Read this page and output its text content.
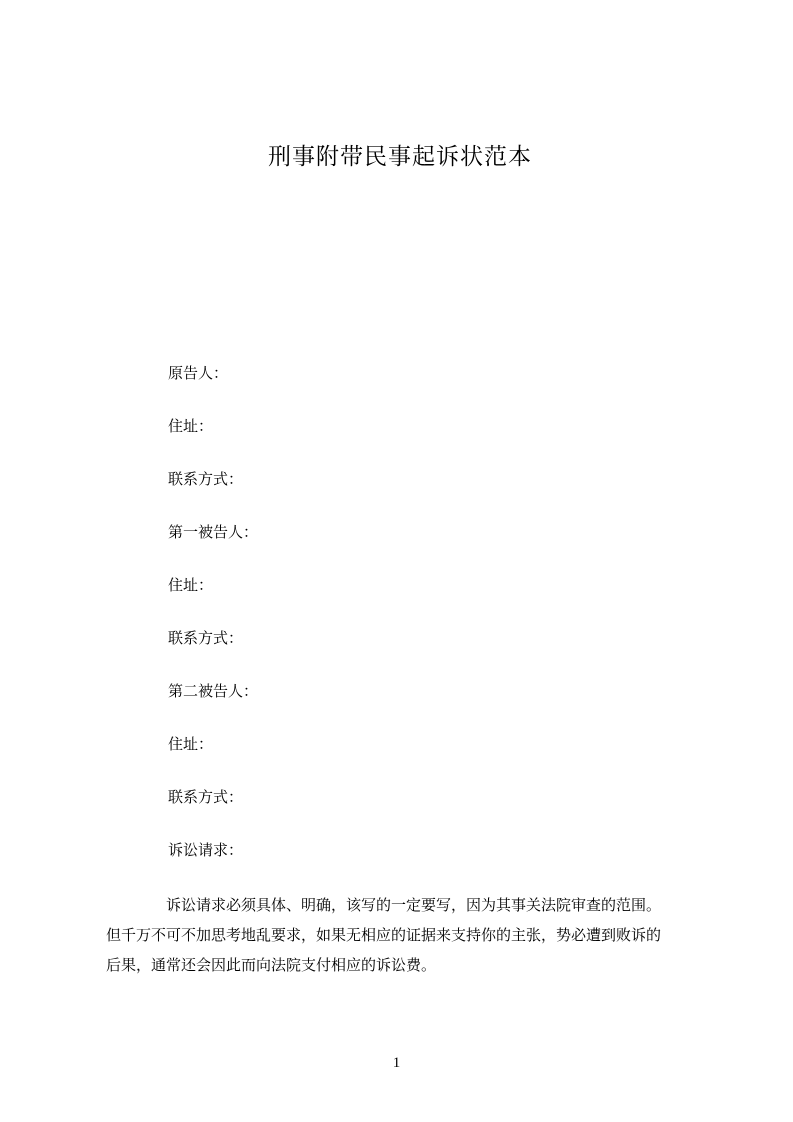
刑事附带民事起诉状范本
原告人：
住址：
联系方式：
第一被告人：
住址：
联系方式：
第二被告人：
住址：
联系方式：
诉讼请求：
　　　　诉讼请求必须具体、明确，该写的一定要写，因为其事关法院审查的范围。
但千万不可不加思考地乱要求，如果无相应的证据来支持你的主张，势必遭到败诉的
后果，通常还会因此而向法院支付相应的诉讼费。
1
